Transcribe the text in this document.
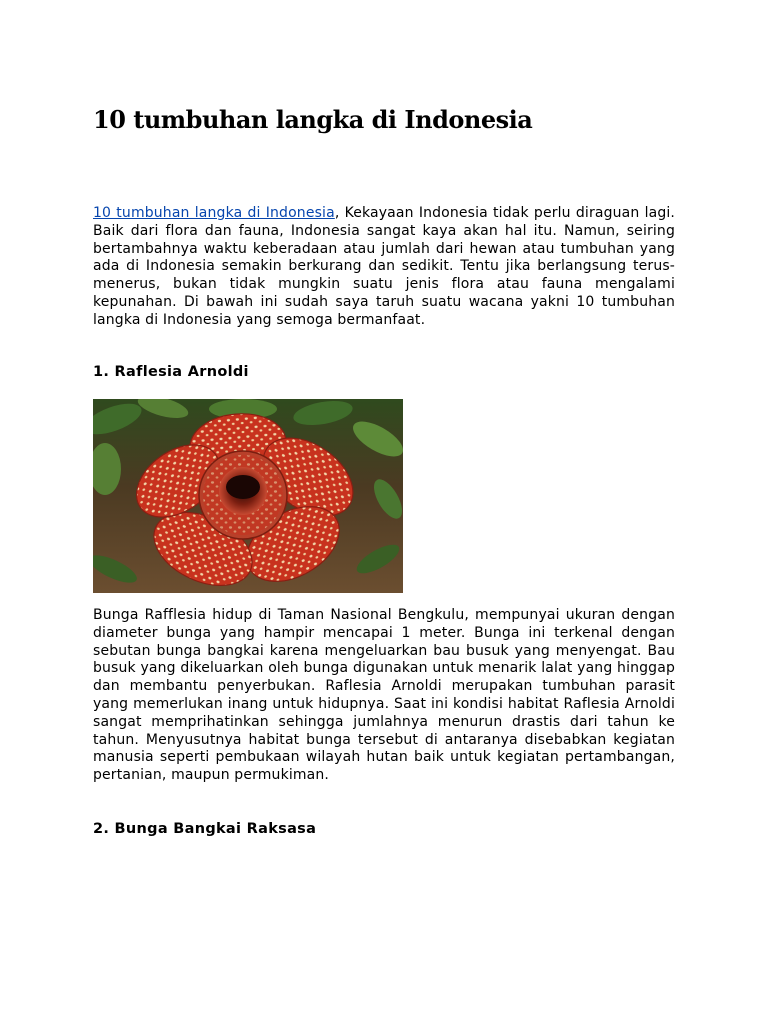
10 tumbuhan langka di Indonesia

10 tumbuhan langka di Indonesia, Kekayaan Indonesia tidak perlu diraguan lagi. Baik dari flora dan fauna, Indonesia sangat kaya akan hal itu. Namun, seiring bertambahnya waktu keberadaan atau jumlah dari hewan atau tumbuhan yang ada di Indonesia semakin berkurang dan sedikit. Tentu jika berlangsung terus-menerus, bukan tidak mungkin suatu jenis flora atau fauna mengalami kepunahan. Di bawah ini sudah saya taruh suatu wacana yakni 10 tumbuhan langka di Indonesia yang semoga bermanfaat.

1. Raflesia Arnoldi

Bunga Rafflesia hidup di Taman Nasional Bengkulu, mempunyai ukuran dengan diameter bunga yang hampir mencapai 1 meter. Bunga ini terkenal dengan sebutan bunga bangkai karena mengeluarkan bau busuk yang menyengat. Bau busuk yang dikeluarkan oleh bunga digunakan untuk menarik lalat yang hinggap dan membantu penyerbukan. Raflesia Arnoldi merupakan tumbuhan parasit yang memerlukan inang untuk hidupnya. Saat ini kondisi habitat Raflesia Arnoldi sangat memprihatinkan sehingga jumlahnya menurun drastis dari tahun ke tahun. Menyusutnya habitat bunga tersebut di antaranya disebabkan kegiatan manusia seperti pembukaan wilayah hutan baik untuk kegiatan pertambangan, pertanian, maupun permukiman.

2. Bunga Bangkai Raksasa
